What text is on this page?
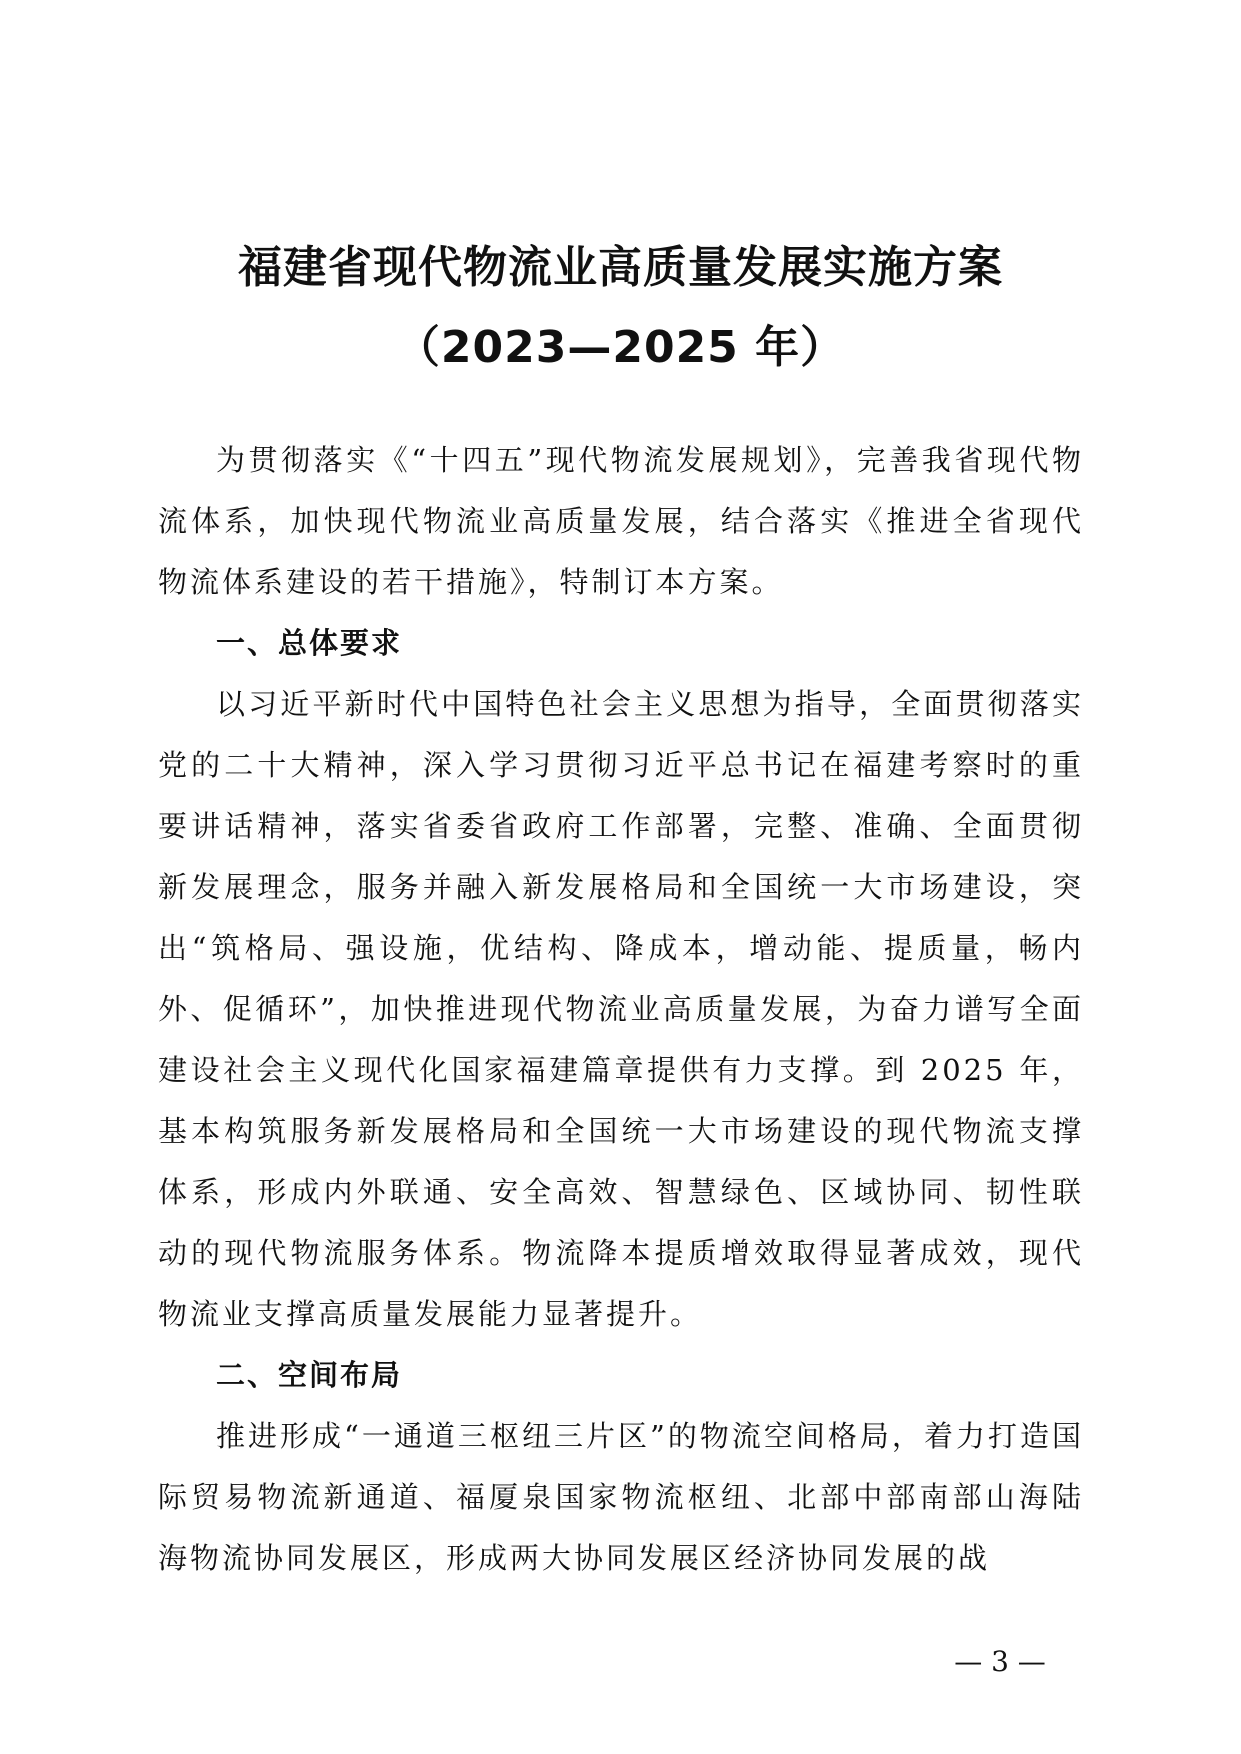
福建省现代物流业高质量发展实施方案
（2023—2025 年）

为贯彻落实《“十四五”现代物流发展规划》，完善我省现代物流体系，加快现代物流业高质量发展，结合落实《推进全省现代物流体系建设的若干措施》，特制订本方案。

一、总体要求

以习近平新时代中国特色社会主义思想为指导，全面贯彻落实党的二十大精神，深入学习贯彻习近平总书记在福建考察时的重要讲话精神，落实省委省政府工作部署，完整、准确、全面贯彻新发展理念，服务并融入新发展格局和全国统一大市场建设，突出“筑格局、强设施，优结构、降成本，增动能、提质量，畅内外、促循环”，加快推进现代物流业高质量发展，为奋力谱写全面建设社会主义现代化国家福建篇章提供有力支撑。到 2025 年，基本构筑服务新发展格局和全国统一大市场建设的现代物流支撑体系，形成内外联通、安全高效、智慧绿色、区域协同、韧性联动的现代物流服务体系。物流降本提质增效取得显著成效，现代物流业支撑高质量发展能力显著提升。

二、空间布局

推进形成“一通道三枢纽三片区”的物流空间格局，着力打造国际贸易物流新通道、福厦泉国家物流枢纽、北部中部南部山海陆海物流协同发展区，形成两大协同发展区经济协同发展的战

— 3 —
